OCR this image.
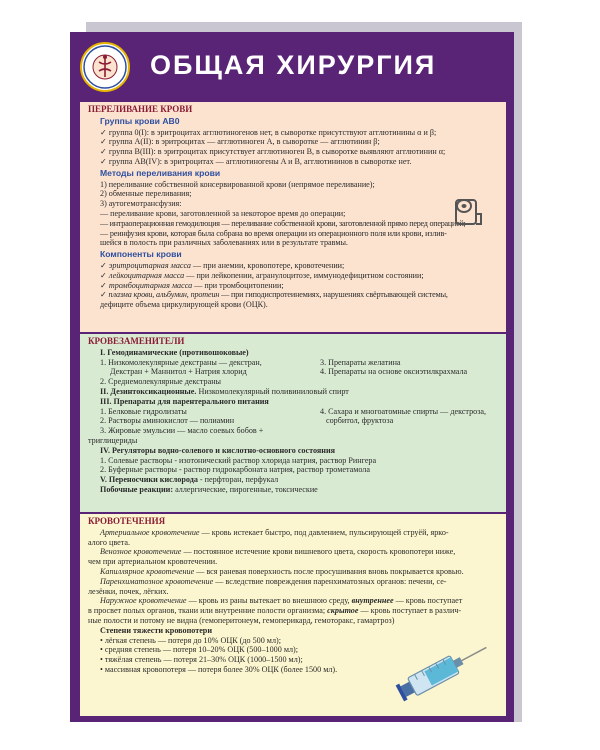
ОБЩАЯ ХИРУРГИЯ
ПЕРЕЛИВАНИЕ КРОВИ
Группы крови АВ0
✓ группа 0(I): в эритроцитах агглютиногенов нет, в сыворотке присутствуют агглютинины α и β;
✓ группа A(II): в эритроцитах — агглютиноген A, в сыворотке — агглютинин β;
✓ группа B(III): в эритроцитах присутствует агглютиноген B, в сыворотке выявляют агглютинин α;
✓ группа AB(IV): в эритроцитах — агглютиногены A и B, агглютининов в сыворотке нет.
Методы переливания крови
1) переливание собственной консервированной крови (непрямое переливание);
2) обменные переливания;
3) аутогемотрансфузия:
— переливание крови, заготовленной за некоторое время до операции;
— интраоперационная гемодилюция — переливание собственной крови, заготовленной прямо перед операцией;
— реинфузия крови, которая была собрана во время операции из операционного поля или крови, излив-
шейся в полость при различных заболеваниях или в результате травмы.
Компоненты крови
✓ эритроцитарная масса — при анемии, кровопотере, кровотечении;
✓ лейкоцитарная масса — при лейкопении, агранулоцитозе, иммунодефицитном состоянии;
✓ тромбоцитарная масса — при тромбоцитопении;
✓ плазма крови, альбумин, протеин — при гиподиспротеинемиях, нарушениях свёртывающей системы,
дефиците объема циркулирующей крови (ОЦК).
КРОВЕЗАМЕНИТЕЛИ
I. Гемодинамические (противошоковые)
1. Низкомолекулярные декстраны — декстран,
Декстран + Маннитол + Натрия хлорид
3. Препараты желатина
4. Препараты на основе оксиэтилкрахмала
2. Среднемолекулярные декстраны
II. Дезинтоксикационные. Низкомолекулярный поливиниловый спирт
III. Препараты для парентерального питания
1. Белковые гидролизаты
2. Растворы аминокислот — полиамин
4. Сахара и многоатомные спирты — декстроза,
сорбитол, фруктоза
3. Жировые эмульсии — масло соевых бобов +
триглицериды
IV. Регуляторы водно-солевого и кислотно-основного состояния
1. Солевые растворы - изотонический раствор хлорида натрия, раствор Рингера
2. Буферные растворы - раствор гидрокарбоната натрия, раствор трометамола
V. Переносчики кислорода - перфторан, перфукал
Побочные реакции: аллергические, пирогенные, токсические
КРОВОТЕЧЕНИЯ
Артериальное кровотечение — кровь истекает быстро, под давлением, пульсирующей струёй, ярко-
алого цвета.
Венозное кровотечение — постоянное истечение крови вишневого цвета, скорость кровопотери ниже,
чем при артериальном кровотечении.
Капиллярное кровотечение — вся раневая поверхность после просушивания вновь покрывается кровью.
Паренхиматозное кровотечение — вследствие повреждения паренхиматозных органов: печени, се-
лезёнки, почек, лёгких.
Наружное кровотечение — кровь из раны вытекает во внешнюю среду, внутреннее — кровь поступает
в просвет полых органов, ткани или внутренние полости организма; скрытое — кровь поступает в различ-
ные полости и потому не видна (гемоперитонеум, гемоперикард, гемоторакс, гамартроз)
Степени тяжести кровопотери
• лёгкая степень — потеря до 10% ОЦК (до 500 мл);
• средняя степень — потеря 10–20% ОЦК (500–1000 мл);
• тяжёлая степень — потеря 21–30% ОЦК (1000–1500 мл);
• массивная кровопотеря — потеря более 30% ОЦК (более 1500 мл).
